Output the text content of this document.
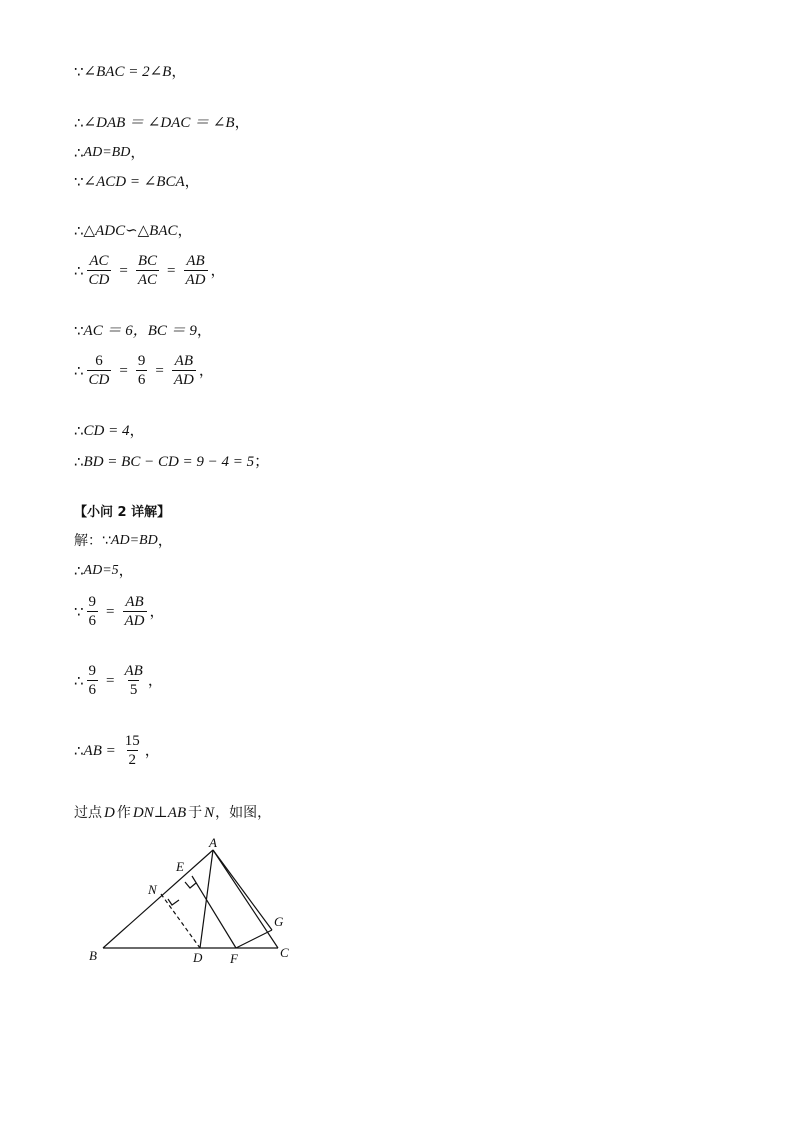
∵ ∠BAC = 2∠B ，
∴ ∠DAB ＝ ∠DAC ＝ ∠B ，
∴ AD=BD ，
∵ ∠ACD = ∠BCA ，
∴ △ADC∽△BAC ，
∴ $\frac{AC}{CD} = \frac{BC}{AC} = \frac{AB}{AD}$ ，
∵ AC ＝ 6，BC ＝ 9 ，
∴ $\frac{6}{CD} = \frac{9}{6} = \frac{AB}{AD}$ ，
∴ CD = 4 ，
∴ BD = BC − CD = 9 − 4 = 5 ；
【小问 2 详解】
解：∵ AD=BD ，
∴ AD=5 ，
∵ $\frac{9}{6} = \frac{AB}{AD}$ ，
∴ $\frac{9}{6} = \frac{AB}{5}$ ，
∴ AB = $\frac{15}{2}$ ，
过点 D 作 DN⊥AB 于 N ，如图，
A
E
N
G
B	D F	C
